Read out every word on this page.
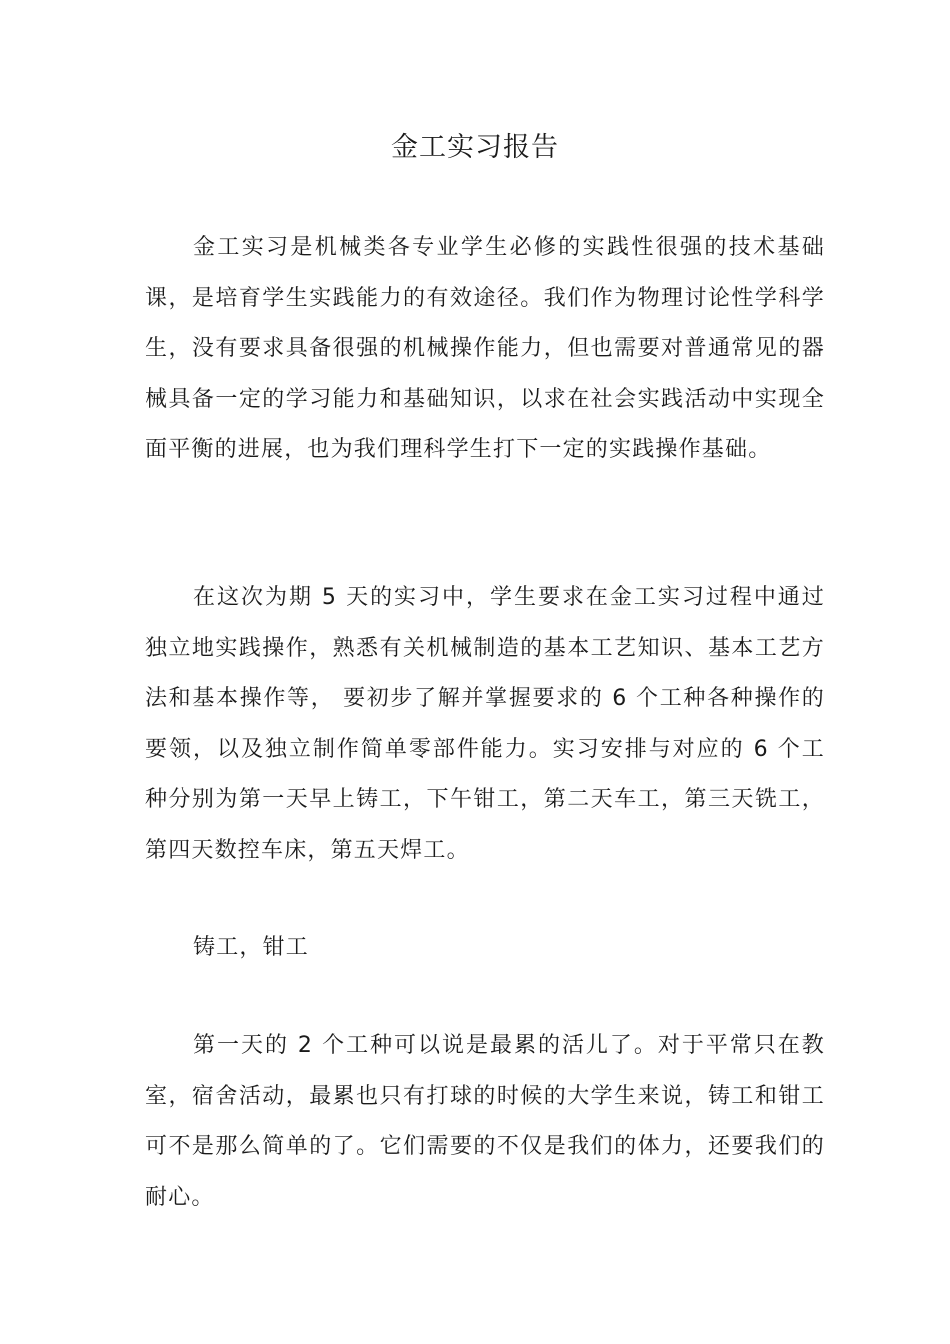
金工实习报告

金工实习是机械类各专业学生必修的实践性很强的技术基础课，是培育学生实践能力的有效途径。我们作为物理讨论性学科学生，没有要求具备很强的机械操作能力，但也需要对普通常见的器械具备一定的学习能力和基础知识，以求在社会实践活动中实现全面平衡的进展，也为我们理科学生打下一定的实践操作基础。

在这次为期 5 天的实习中，学生要求在金工实习过程中通过独立地实践操作，熟悉有关机械制造的基本工艺知识、基本工艺方法和基本操作等， 要初步了解并掌握要求的 6 个工种各种操作的要领，以及独立制作简单零部件能力。实习安排与对应的 6 个工种分别为第一天早上铸工，下午钳工，第二天车工，第三天铣工，第四天数控车床，第五天焊工。

铸工，钳工

第一天的 2 个工种可以说是最累的活儿了。对于平常只在教室，宿舍活动，最累也只有打球的时候的大学生来说，铸工和钳工可不是那么简单的了。它们需要的不仅是我们的体力，还要我们的耐心。
